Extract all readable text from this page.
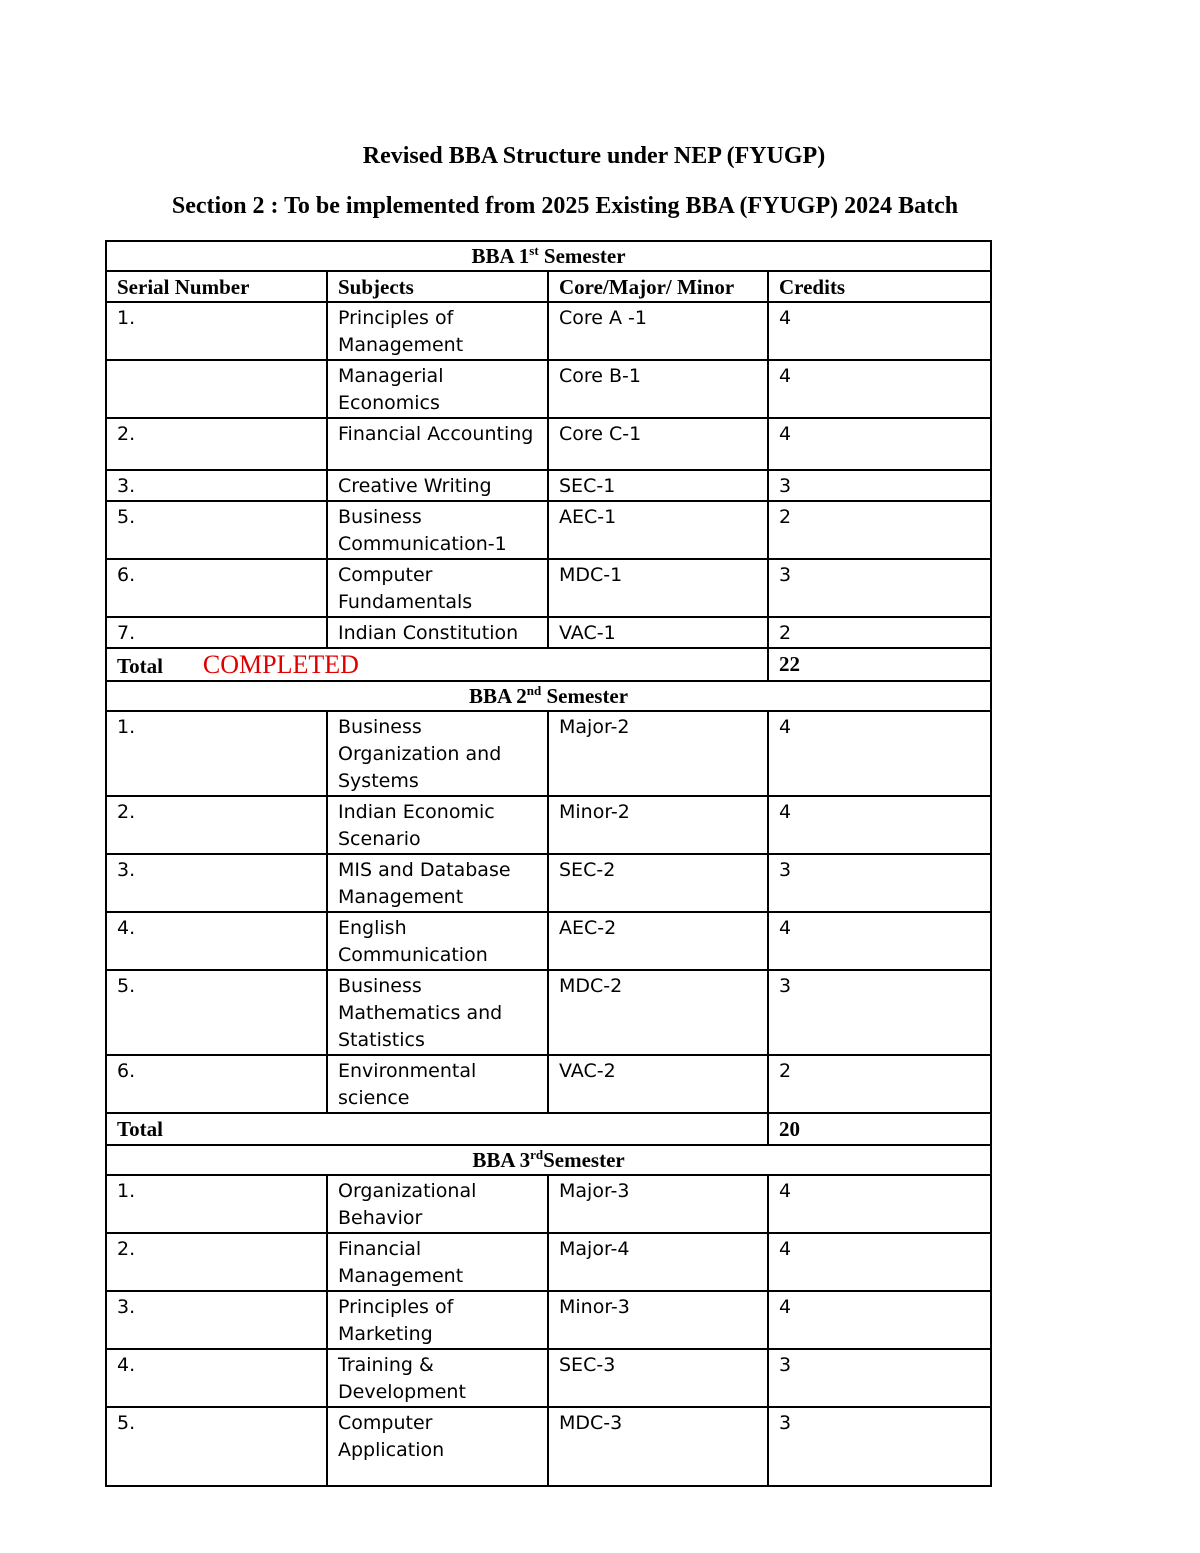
Revised BBA Structure under NEP (FYUGP)
Section 2 : To be implemented from 2025 Existing BBA (FYUGP) 2024 Batch
BBA 1st Semester			
Serial Number	Subjects	Core/Major/ Minor	Credits
1.	Principles of Management	Core A -1	4
	Managerial Economics	Core B-1	4
2.	Financial Accounting	Core C-1	4
3.	Creative Writing	SEC-1	3
5.	Business Communication-1	AEC-1	2
6.	Computer Fundamentals	MDC-1	3
7.	Indian Constitution	VAC-1	2
Total COMPLETED			22
BBA 2nd Semester			
1.	Business Organization and Systems	Major-2	4
2.	Indian Economic Scenario	Minor-2	4
3.	MIS and Database Management	SEC-2	3
4.	English Communication	AEC-2	4
5.	Business Mathematics and Statistics	MDC-2	3
6.	Environmental science	VAC-2	2
Total			20
BBA 3rdSemester			
1.	Organizational Behavior	Major-3	4
2.	Financial Management	Major-4	4
3.	Principles of Marketing	Minor-3	4
4.	Training & Development	SEC-3	3
5.	Computer Application	MDC-3	3
